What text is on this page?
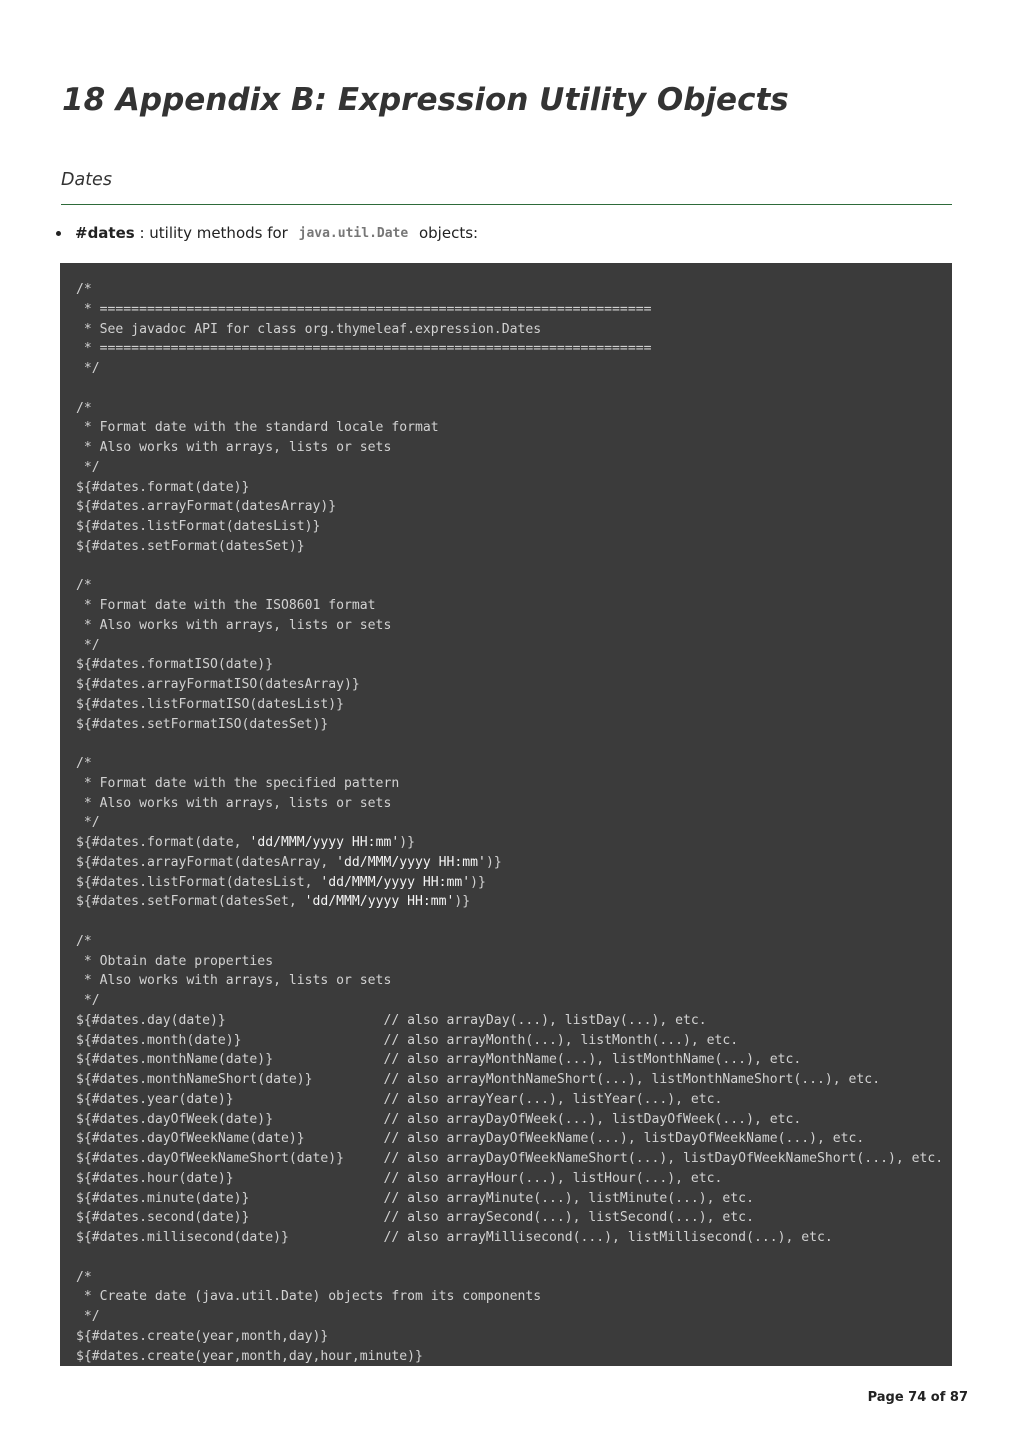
18 Appendix B: Expression Utility Objects
Dates
#dates : utility methods for java.util.Date objects:
/*
* ======================================================================
* See javadoc API for class org.thymeleaf.expression.Dates
* ======================================================================
*/

/*
* Format date with the standard locale format
* Also works with arrays, lists or sets
*/
${#dates.format(date)}
${#dates.arrayFormat(datesArray)}
${#dates.listFormat(datesList)}
${#dates.setFormat(datesSet)}

/*
* Format date with the ISO8601 format
* Also works with arrays, lists or sets
*/
${#dates.formatISO(date)}
${#dates.arrayFormatISO(datesArray)}
${#dates.listFormatISO(datesList)}
${#dates.setFormatISO(datesSet)}

/*
* Format date with the specified pattern
* Also works with arrays, lists or sets
*/
${#dates.format(date, 'dd/MMM/yyyy HH:mm')}
${#dates.arrayFormat(datesArray, 'dd/MMM/yyyy HH:mm')}
${#dates.listFormat(datesList, 'dd/MMM/yyyy HH:mm')}
${#dates.setFormat(datesSet, 'dd/MMM/yyyy HH:mm')}

/*
* Obtain date properties
* Also works with arrays, lists or sets
*/
${#dates.day(date)}                    // also arrayDay(...), listDay(...), etc.
${#dates.month(date)}                  // also arrayMonth(...), listMonth(...), etc.
${#dates.monthName(date)}              // also arrayMonthName(...), listMonthName(...), etc.
${#dates.monthNameShort(date)}         // also arrayMonthNameShort(...), listMonthNameShort(...), etc.
${#dates.year(date)}                   // also arrayYear(...), listYear(...), etc.
${#dates.dayOfWeek(date)}              // also arrayDayOfWeek(...), listDayOfWeek(...), etc.
${#dates.dayOfWeekName(date)}          // also arrayDayOfWeekName(...), listDayOfWeekName(...), etc.
${#dates.dayOfWeekNameShort(date)}     // also arrayDayOfWeekNameShort(...), listDayOfWeekNameShort(...), etc.
${#dates.hour(date)}                   // also arrayHour(...), listHour(...), etc.
${#dates.minute(date)}                 // also arrayMinute(...), listMinute(...), etc.
${#dates.second(date)}                 // also arraySecond(...), listSecond(...), etc.
${#dates.millisecond(date)}            // also arrayMillisecond(...), listMillisecond(...), etc.

/*
* Create date (java.util.Date) objects from its components
*/
${#dates.create(year,month,day)}
${#dates.create(year,month,day,hour,minute)}

Page 74 of 87
